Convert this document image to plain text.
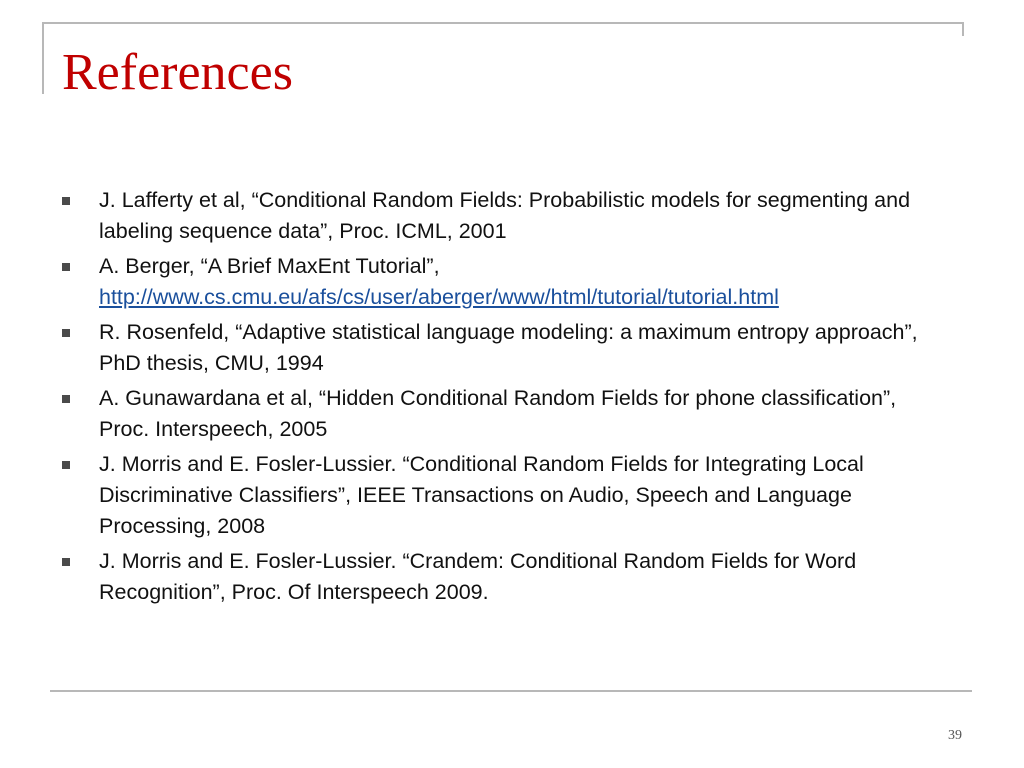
References
J. Lafferty et al, “Conditional Random Fields: Probabilistic models for segmenting and labeling sequence data”, Proc. ICML, 2001
A. Berger, “A Brief MaxEnt Tutorial”,
http://www.cs.cmu.eu/afs/cs/user/aberger/www/html/tutorial/tutorial.html
R. Rosenfeld, “Adaptive statistical language modeling: a maximum entropy approach”, PhD thesis, CMU, 1994
A. Gunawardana et al, “Hidden Conditional Random Fields for phone classification”, Proc. Interspeech, 2005
J. Morris and E. Fosler-Lussier. “Conditional Random Fields for Integrating Local Discriminative Classifiers”, IEEE Transactions on Audio, Speech and Language Processing, 2008
J. Morris and E. Fosler-Lussier. “Crandem: Conditional Random Fields for Word Recognition”, Proc. Of Interspeech 2009.
39
